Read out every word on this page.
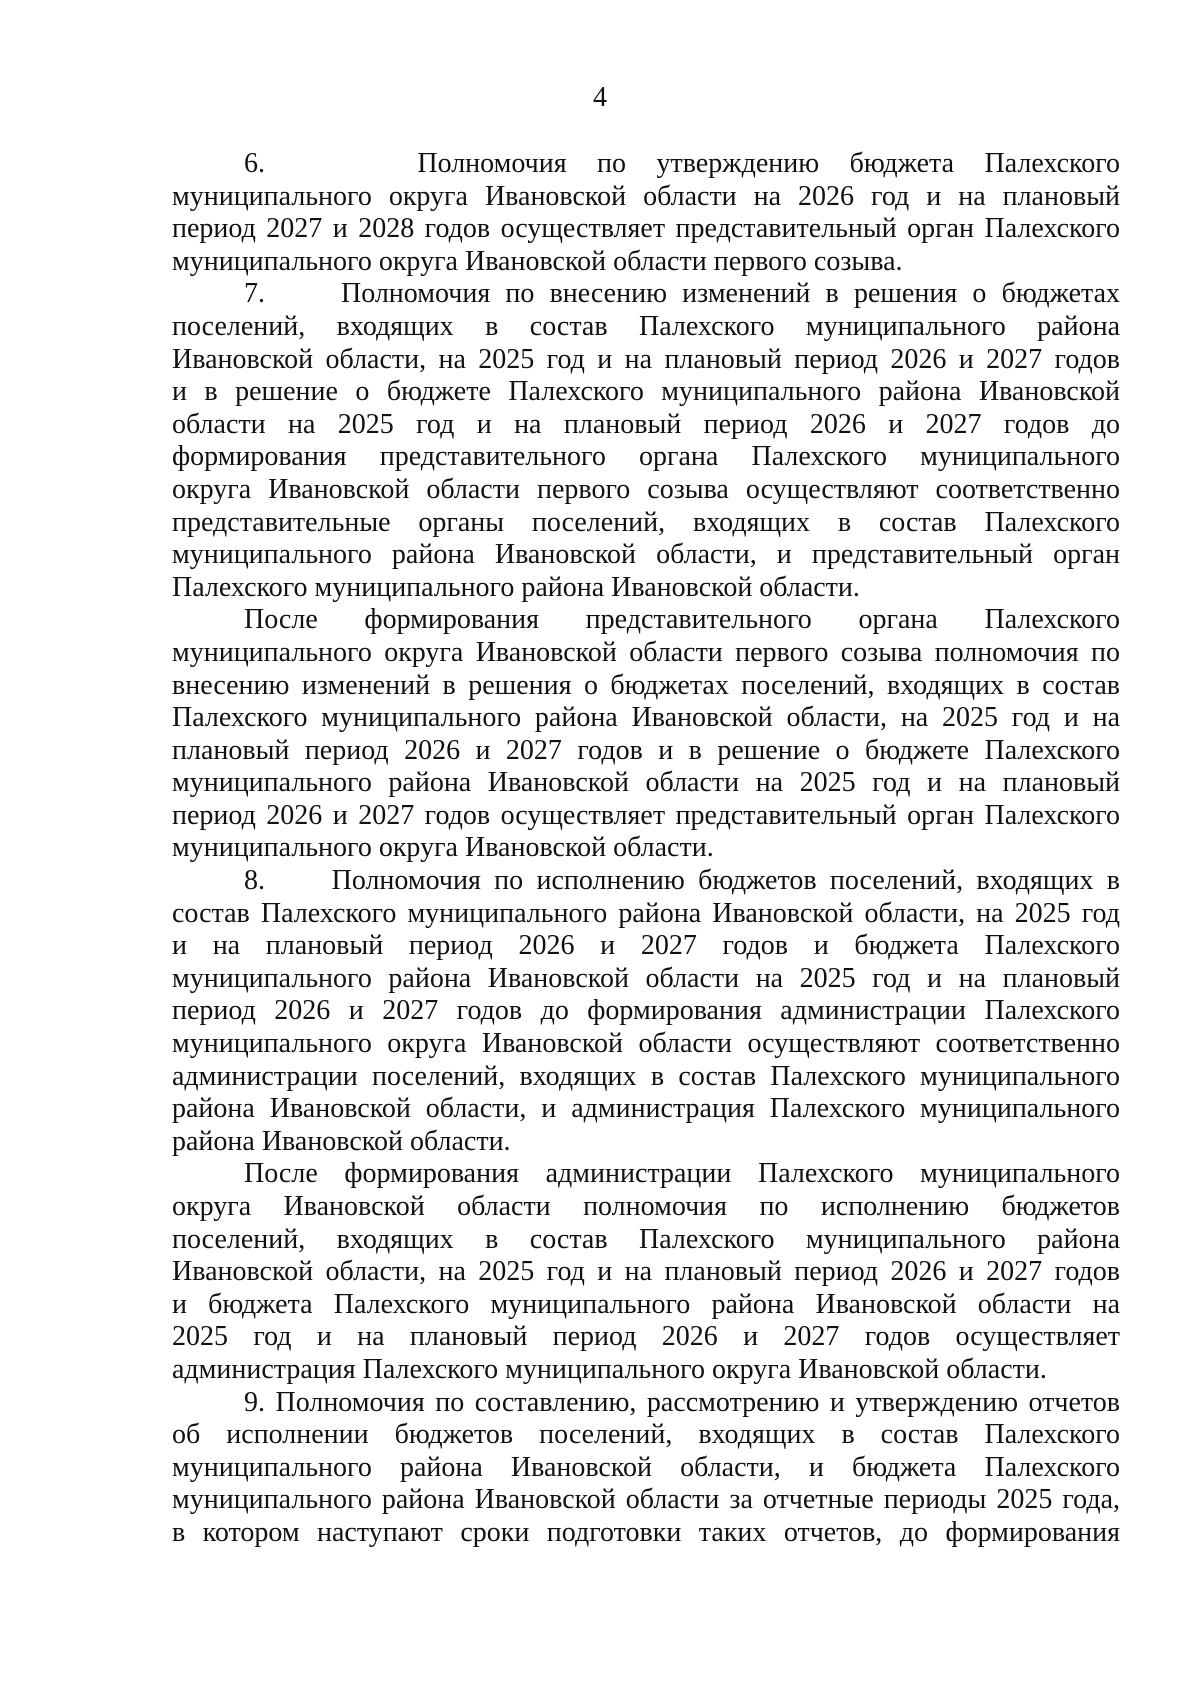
4

6.     Полномочия по утверждению бюджета Палехского
муниципального округа Ивановской области на 2026 год и на плановый
период 2027 и 2028 годов осуществляет представительный орган Палехского
муниципального округа Ивановской области первого созыва.

7.     Полномочия по внесению изменений в решения о бюджетах
поселений, входящих в состав Палехского муниципального района
Ивановской области, на 2025 год и на плановый период 2026 и 2027 годов
и в решение о бюджете Палехского муниципального района Ивановской
области на 2025 год и на плановый период 2026 и 2027 годов до
формирования представительного органа Палехского муниципального
округа Ивановской области первого созыва осуществляют соответственно
представительные органы поселений, входящих в состав Палехского
муниципального района Ивановской области, и представительный орган
Палехского муниципального района Ивановской области.

После формирования представительного органа Палехского
муниципального округа Ивановской области первого созыва полномочия по
внесению изменений в решения о бюджетах поселений, входящих в состав
Палехского муниципального района Ивановской области, на 2025 год и на
плановый период 2026 и 2027 годов и в решение о бюджете Палехского
муниципального района Ивановской области на 2025 год и на плановый
период 2026 и 2027 годов осуществляет представительный орган Палехского
муниципального округа Ивановской области.

8.     Полномочия по исполнению бюджетов поселений, входящих в
состав Палехского муниципального района Ивановской области, на 2025 год
и на плановый период 2026 и 2027 годов и бюджета Палехского
муниципального района Ивановской области на 2025 год и на плановый
период 2026 и 2027 годов до формирования администрации Палехского
муниципального округа Ивановской области осуществляют соответственно
администрации поселений, входящих в состав Палехского муниципального
района Ивановской области, и администрация Палехского муниципального
района Ивановской области.

После формирования администрации Палехского муниципального
округа Ивановской области полномочия по исполнению бюджетов
поселений, входящих в состав Палехского муниципального района
Ивановской области, на 2025 год и на плановый период 2026 и 2027 годов
и бюджета Палехского муниципального района Ивановской области на
2025 год и на плановый период 2026 и 2027 годов осуществляет
администрация Палехского муниципального округа Ивановской области.

9. Полномочия по составлению, рассмотрению и утверждению отчетов
об исполнении бюджетов поселений, входящих в состав Палехского
муниципального района Ивановской области, и бюджета Палехского
муниципального района Ивановской области за отчетные периоды 2025 года,
в котором наступают сроки подготовки таких отчетов, до формирования
